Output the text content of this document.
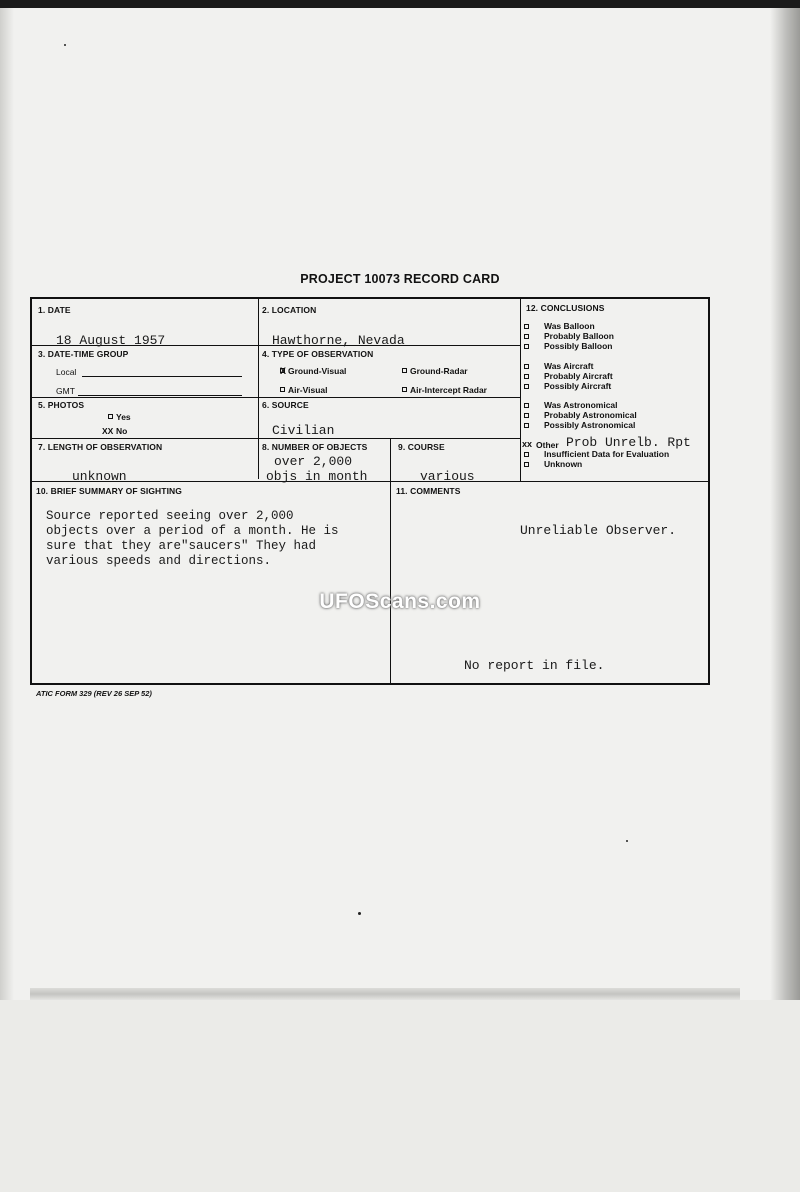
PROJECT 10073 RECORD CARD
1. DATE
18 August 1957
2. LOCATION
Hawthorne, Nevada
3. DATE-TIME GROUP
Local
GMT
4. TYPE OF OBSERVATION
X Ground-Visual	Ground-Radar
Air-Visual	Air-Intercept Radar
5. PHOTOS
Yes
XX No
6. SOURCE
Civilian
7. LENGTH OF OBSERVATION
unknown
8. NUMBER OF OBJECTS
over 2,000
objs in month
9. COURSE
various
10. BRIEF SUMMARY OF SIGHTING
Source reported seeing over 2,000
objects over a period of a month. He is
sure that they are"saucers" They had
various speeds and directions.
11. COMMENTS
Unreliable Observer.
No report in file.
12. CONCLUSIONS
Was Balloon
Probably Balloon
Possibly Balloon
Was Aircraft
Probably Aircraft
Possibly Aircraft
Was Astronomical
Probably Astronomical
Possibly Astronomical
xx Other Prob Unrelb. Rpt
Insufficient Data for Evaluation
Unknown
UFOScans.com
ATIC FORM 329 (REV 26 SEP 52)
